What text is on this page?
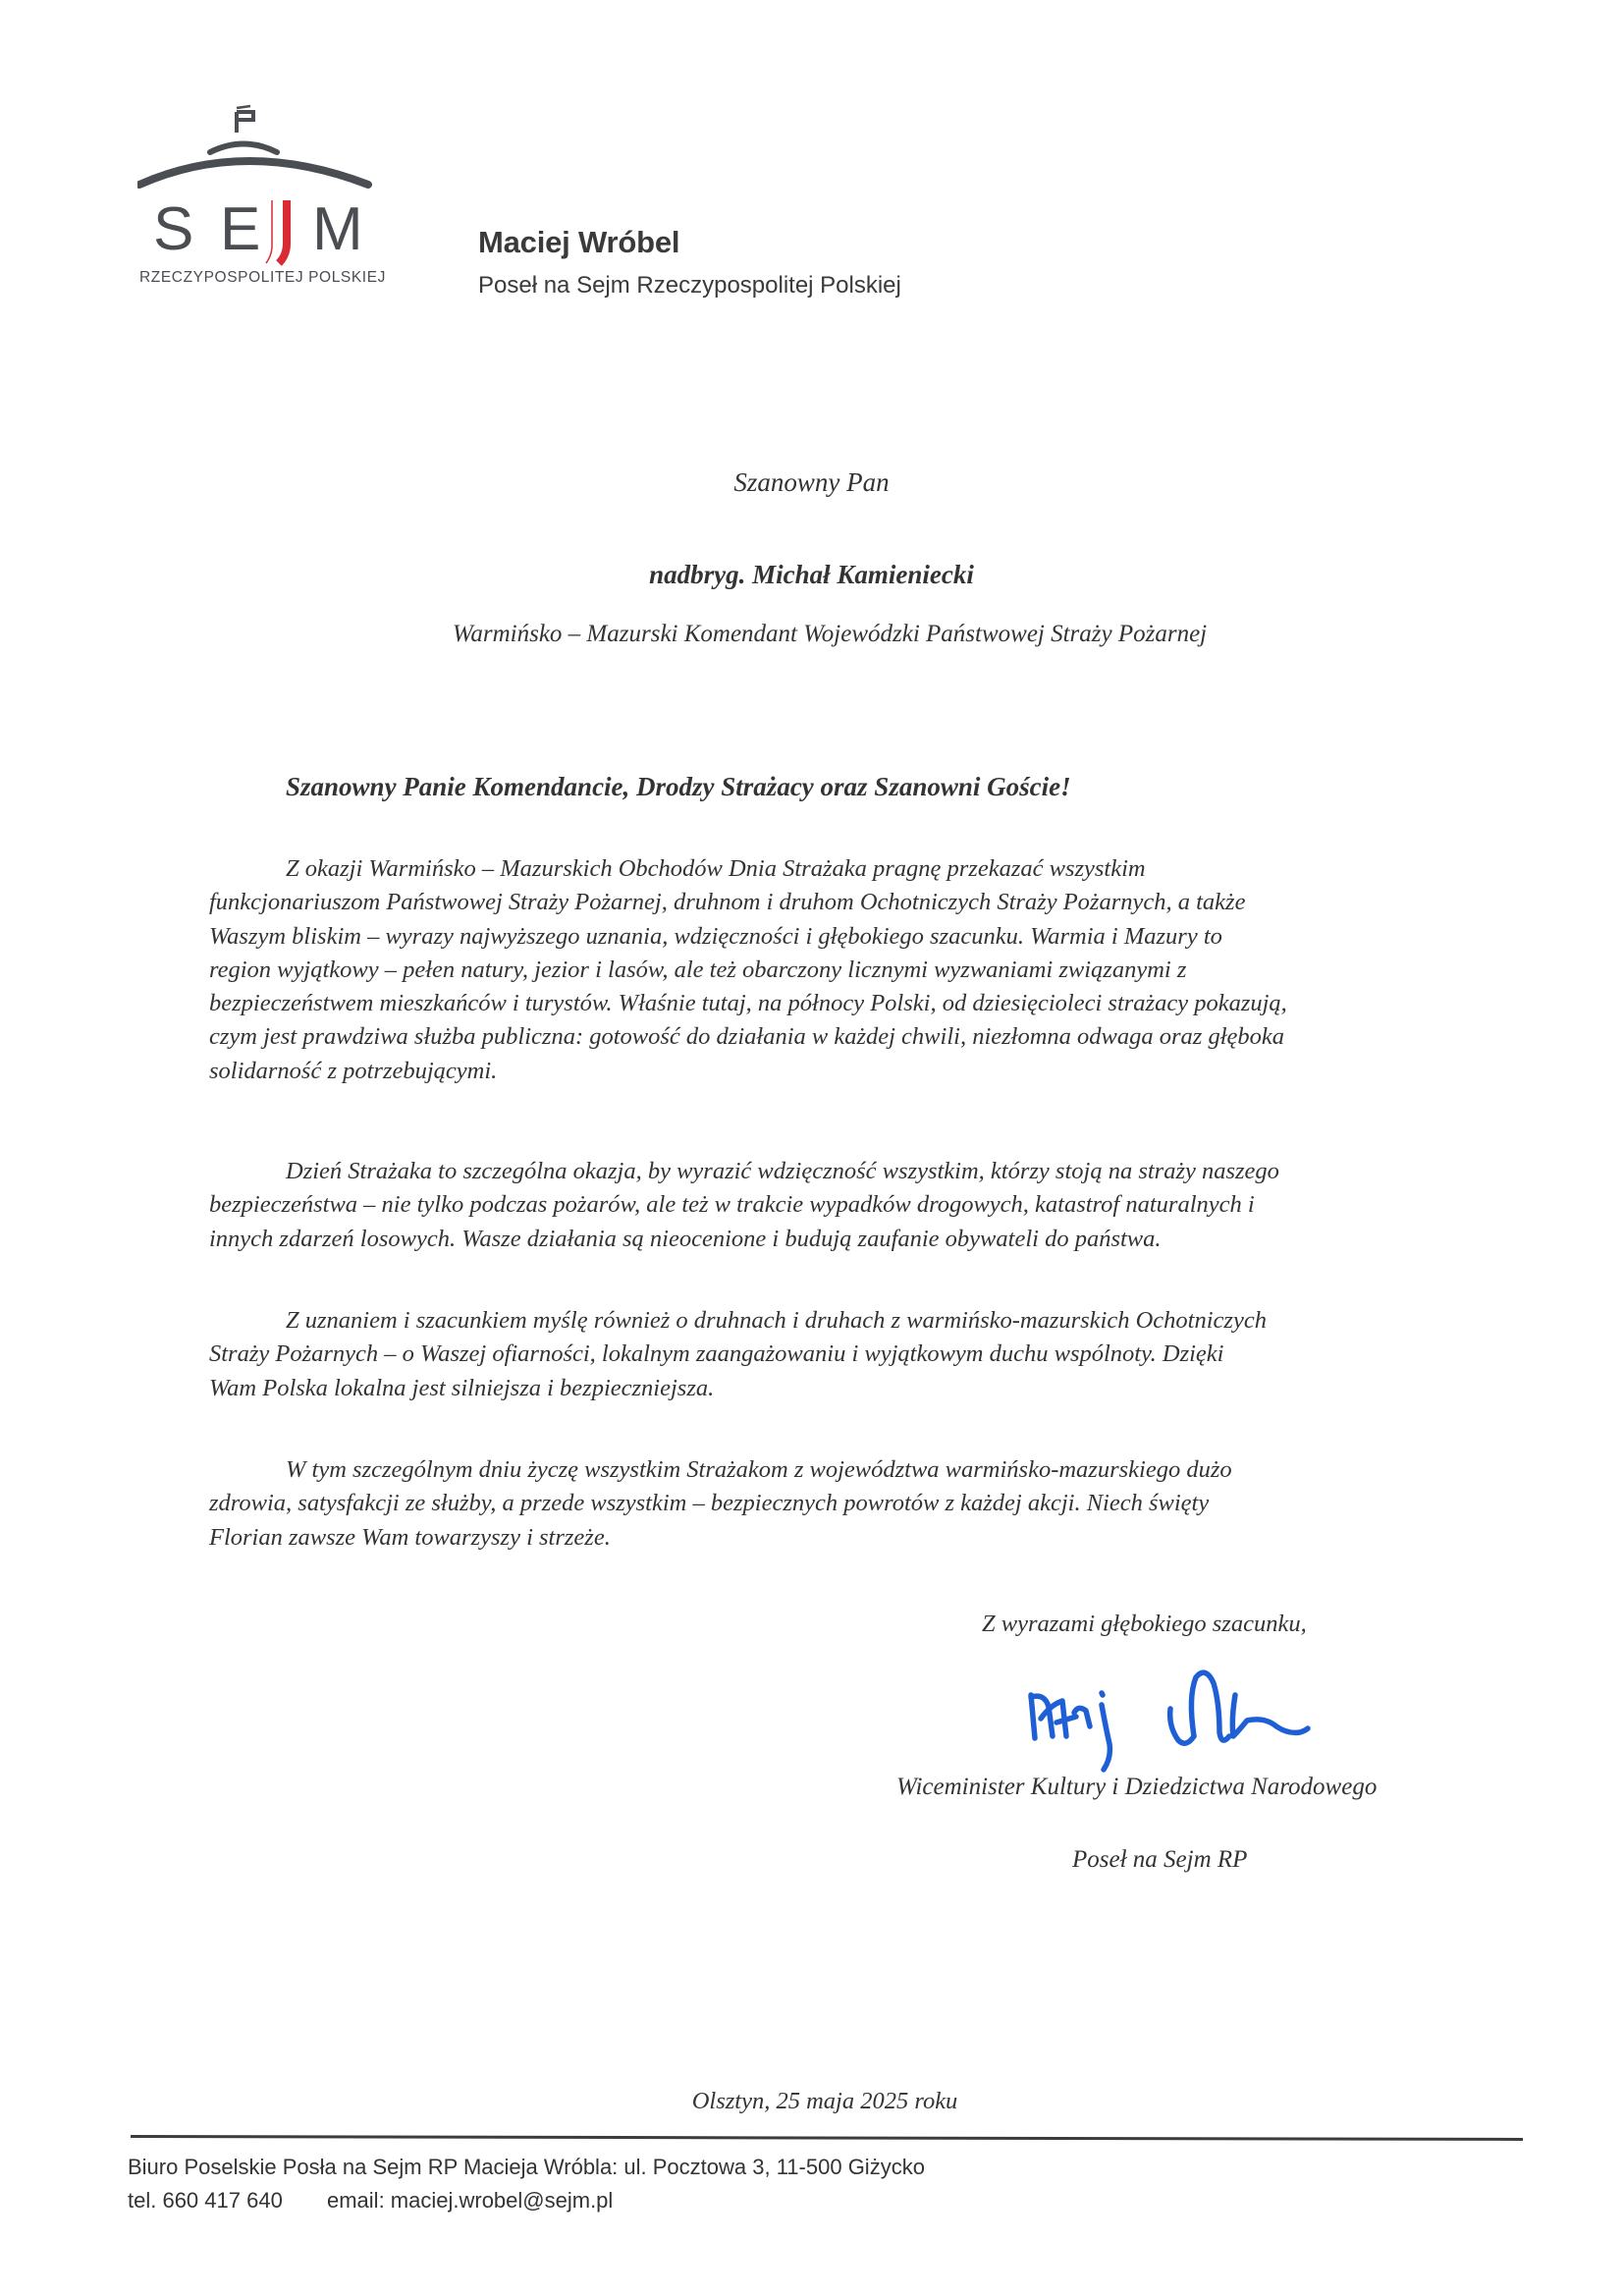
S E M
RZECZYPOSPOLITEJ POLSKIEJ
Maciej Wróbel
Poseł na Sejm Rzeczypospolitej Polskiej
Szanowny Pan
nadbryg. Michał Kamieniecki
Warmińsko – Mazurski Komendant Wojewódzki Państwowej Straży Pożarnej
Szanowny Panie Komendancie, Drodzy Strażacy oraz Szanowni Goście!
Z okazji Warmińsko – Mazurskich Obchodów Dnia Strażaka pragnę przekazać wszystkim
funkcjonariuszom Państwowej Straży Pożarnej, druhnom i druhom Ochotniczych Straży Pożarnych, a także
Waszym bliskim – wyrazy najwyższego uznania, wdzięczności i głębokiego szacunku. Warmia i Mazury to
region wyjątkowy – pełen natury, jezior i lasów, ale też obarczony licznymi wyzwaniami związanymi z
bezpieczeństwem mieszkańców i turystów. Właśnie tutaj, na północy Polski, od dziesięcioleci strażacy pokazują,
czym jest prawdziwa służba publiczna: gotowość do działania w każdej chwili, niezłomna odwaga oraz głęboka
solidarność z potrzebującymi.
Dzień Strażaka to szczególna okazja, by wyrazić wdzięczność wszystkim, którzy stoją na straży naszego
bezpieczeństwa – nie tylko podczas pożarów, ale też w trakcie wypadków drogowych, katastrof naturalnych i
innych zdarzeń losowych. Wasze działania są nieocenione i budują zaufanie obywateli do państwa.
Z uznaniem i szacunkiem myślę również o druhnach i druhach z warmińsko-mazurskich Ochotniczych
Straży Pożarnych – o Waszej ofiarności, lokalnym zaangażowaniu i wyjątkowym duchu wspólnoty. Dzięki
Wam Polska lokalna jest silniejsza i bezpieczniejsza.
W tym szczególnym dniu życzę wszystkim Strażakom z województwa warmińsko-mazurskiego dużo
zdrowia, satysfakcji ze służby, a przede wszystkim – bezpiecznych powrotów z każdej akcji. Niech święty
Florian zawsze Wam towarzyszy i strzeże.
Z wyrazami głębokiego szacunku,
Wiceminister Kultury i Dziedzictwa Narodowego
Poseł na Sejm RP
Olsztyn, 25 maja 2025 roku
Biuro Poselskie Posła na Sejm RP Macieja Wróbla: ul. Pocztowa 3, 11-500 Giżycko
tel. 660 417 640 email: maciej.wrobel@sejm.pl
